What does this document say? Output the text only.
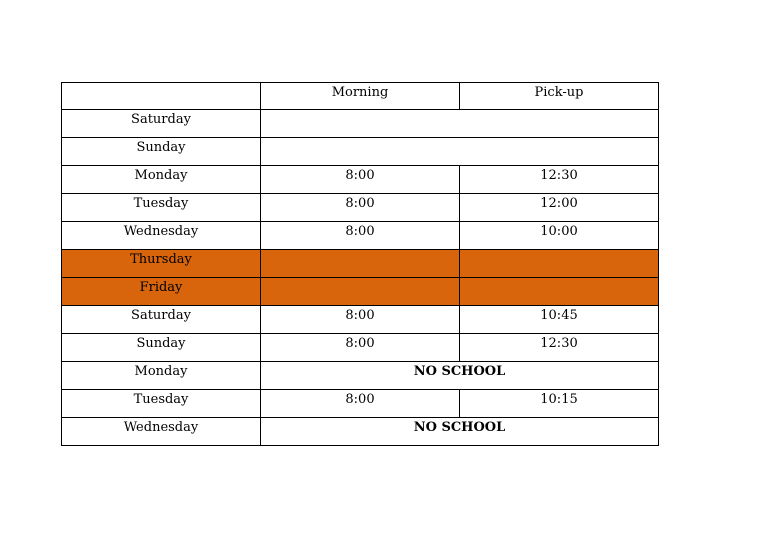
	Morning	Pick-up
Saturday		
Sunday		
Monday	8:00	12:30
Tuesday	8:00	12:00
Wednesday	8:00	10:00
Thursday		
Friday		
Saturday	8:00	10:45
Sunday	8:00	12:30
Monday	NO SCHOOL	
Tuesday	8:00	10:15
Wednesday	NO SCHOOL	
